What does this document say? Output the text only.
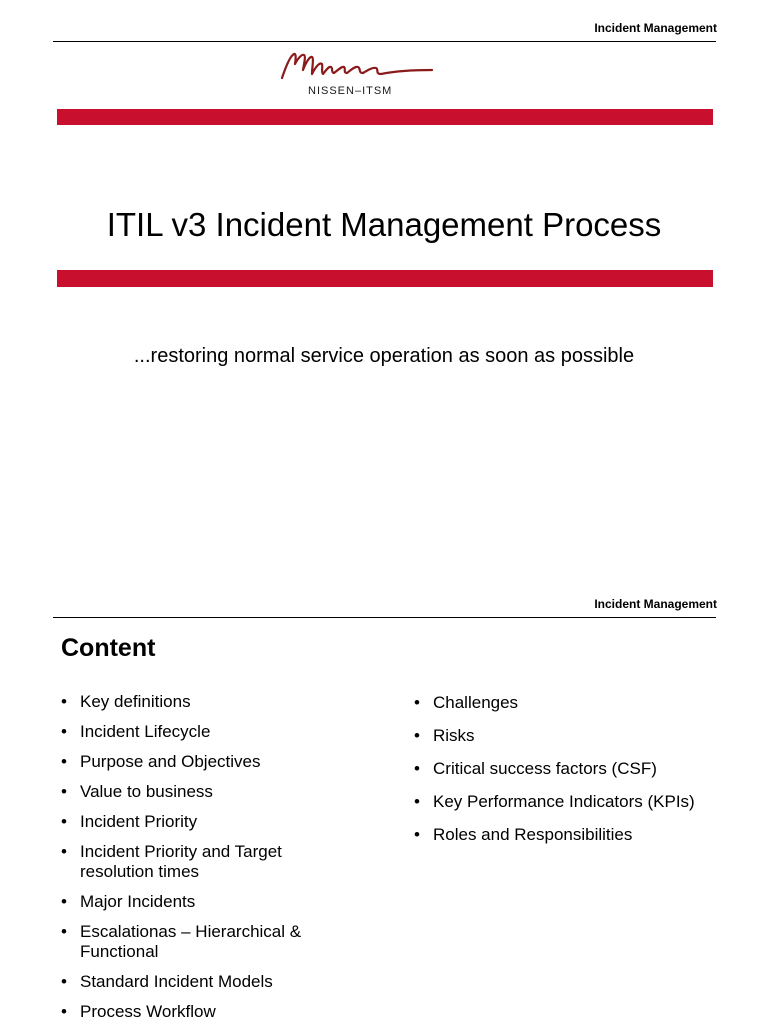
Incident Management
NISSEN–ITSM
ITIL v3 Incident Management Process
...restoring normal service operation as soon as possible
Incident Management
Content
• Key definitions
• Incident Lifecycle
• Purpose and Objectives
• Value to business
• Incident Priority
• Incident Priority and Target resolution times
• Major Incidents
• Escalationas – Hierarchical & Functional
• Standard Incident Models
• Process Workflow
• Challenges
• Risks
• Critical success factors (CSF)
• Key Performance Indicators (KPIs)
• Roles and Responsibilities
